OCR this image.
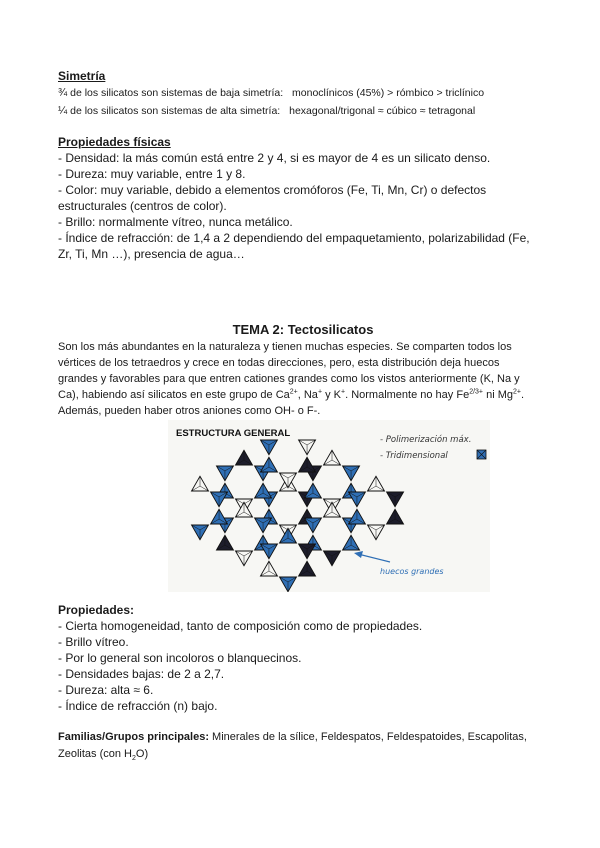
Simetría
¾ de los silicatos son sistemas de baja simetría: monoclínicos (45%) > rómbico > triclínico
¼ de los silicatos son sistemas de alta simetría: hexagonal/trigonal ≈ cúbico ≈ tetragonal
Propiedades físicas
- Densidad: la más común está entre 2 y 4, si es mayor de 4 es un silicato denso.
- Dureza: muy variable, entre 1 y 8.
- Color: muy variable, debido a elementos cromóforos (Fe, Ti, Mn, Cr) o defectos
estructurales (centros de color).
- Brillo: normalmente vítreo, nunca metálico.
- Índice de refracción: de 1,4 a 2 dependiendo del empaquetamiento, polarizabilidad (Fe,
Zr, Ti, Mn …), presencia de agua…
TEMA 2: Tectosilicatos
Son los más abundantes en la naturaleza y tienen muchas especies. Se comparten todos los
vértices de los tetraedros y crece en todas direcciones, pero, esta distribución deja huecos
grandes y favorables para que entren cationes grandes como los vistos anteriormente (K, Na y
Ca), habiendo así silicatos en este grupo de $Ca^{2+}$, Na+ y K+. Normalmente no hay $Fe^{2/3+}$ ni $Mg^{2+}$.
Además, pueden haber otros aniones como OH- o F-.
ESTRUCTURA GENERAL
- Polimerización máx.
- Tridimensional
huecos grandes
Propiedades:
- Cierta homogeneidad, tanto de composición como de propiedades.
- Brillo vítreo.
- Por lo general son incoloros o blanquecinos.
- Densidades bajas: de 2 a 2,7.
- Dureza: alta ≈ 6.
- Índice de refracción (n) bajo.
Familias/Grupos principales: Minerales de la sílice, Feldespatos, Feldespatoides, Escapolitas,
Zeolitas (con $H_2O$)
